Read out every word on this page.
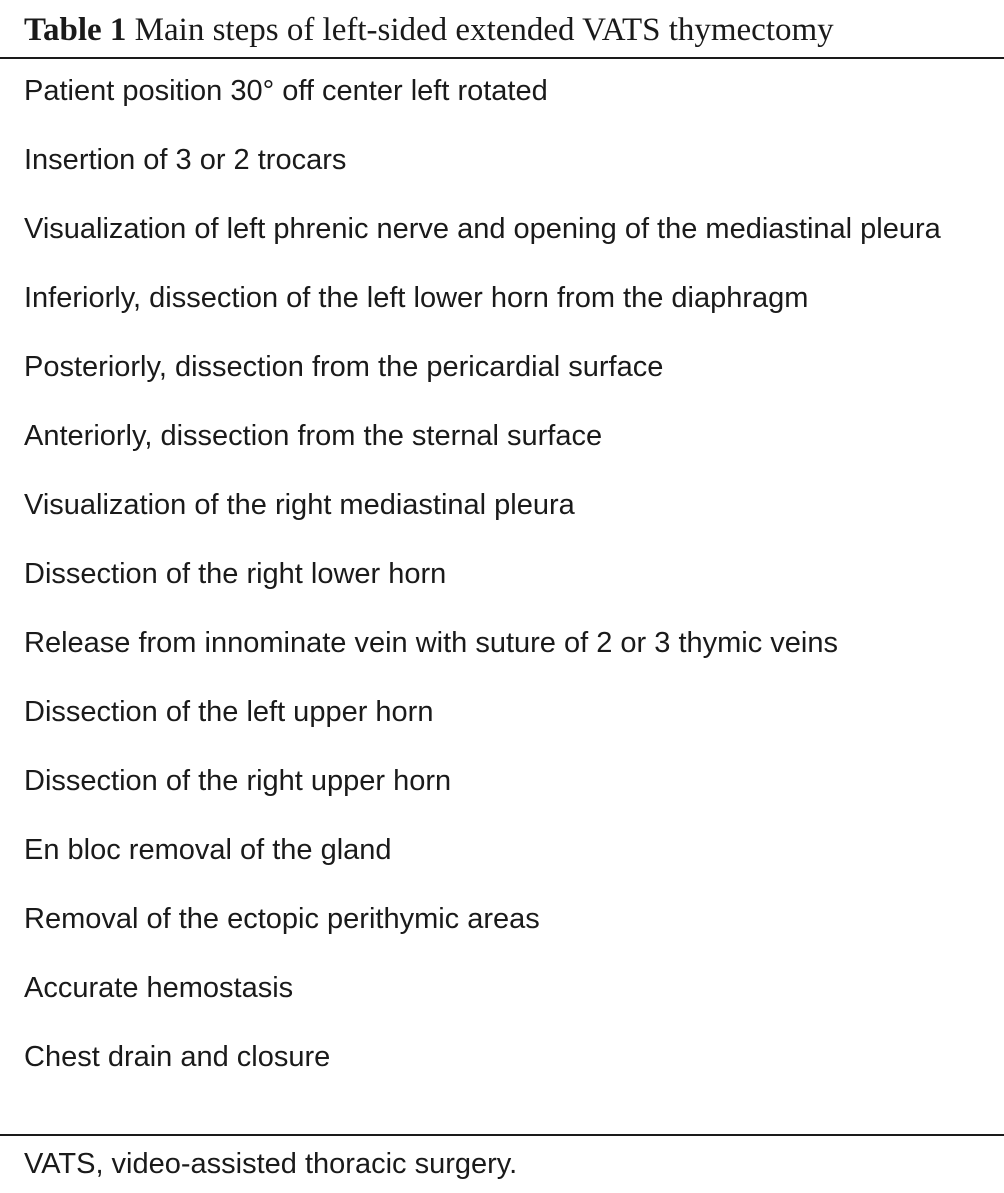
Table 1 Main steps of left-sided extended VATS thymectomy
Patient position 30° off center left rotated
Insertion of 3 or 2 trocars
Visualization of left phrenic nerve and opening of the mediastinal pleura
Inferiorly, dissection of the left lower horn from the diaphragm
Posteriorly, dissection from the pericardial surface
Anteriorly, dissection from the sternal surface
Visualization of the right mediastinal pleura
Dissection of the right lower horn
Release from innominate vein with suture of 2 or 3 thymic veins
Dissection of the left upper horn
Dissection of the right upper horn
En bloc removal of the gland
Removal of the ectopic perithymic areas
Accurate hemostasis
Chest drain and closure
VATS, video-assisted thoracic surgery.
